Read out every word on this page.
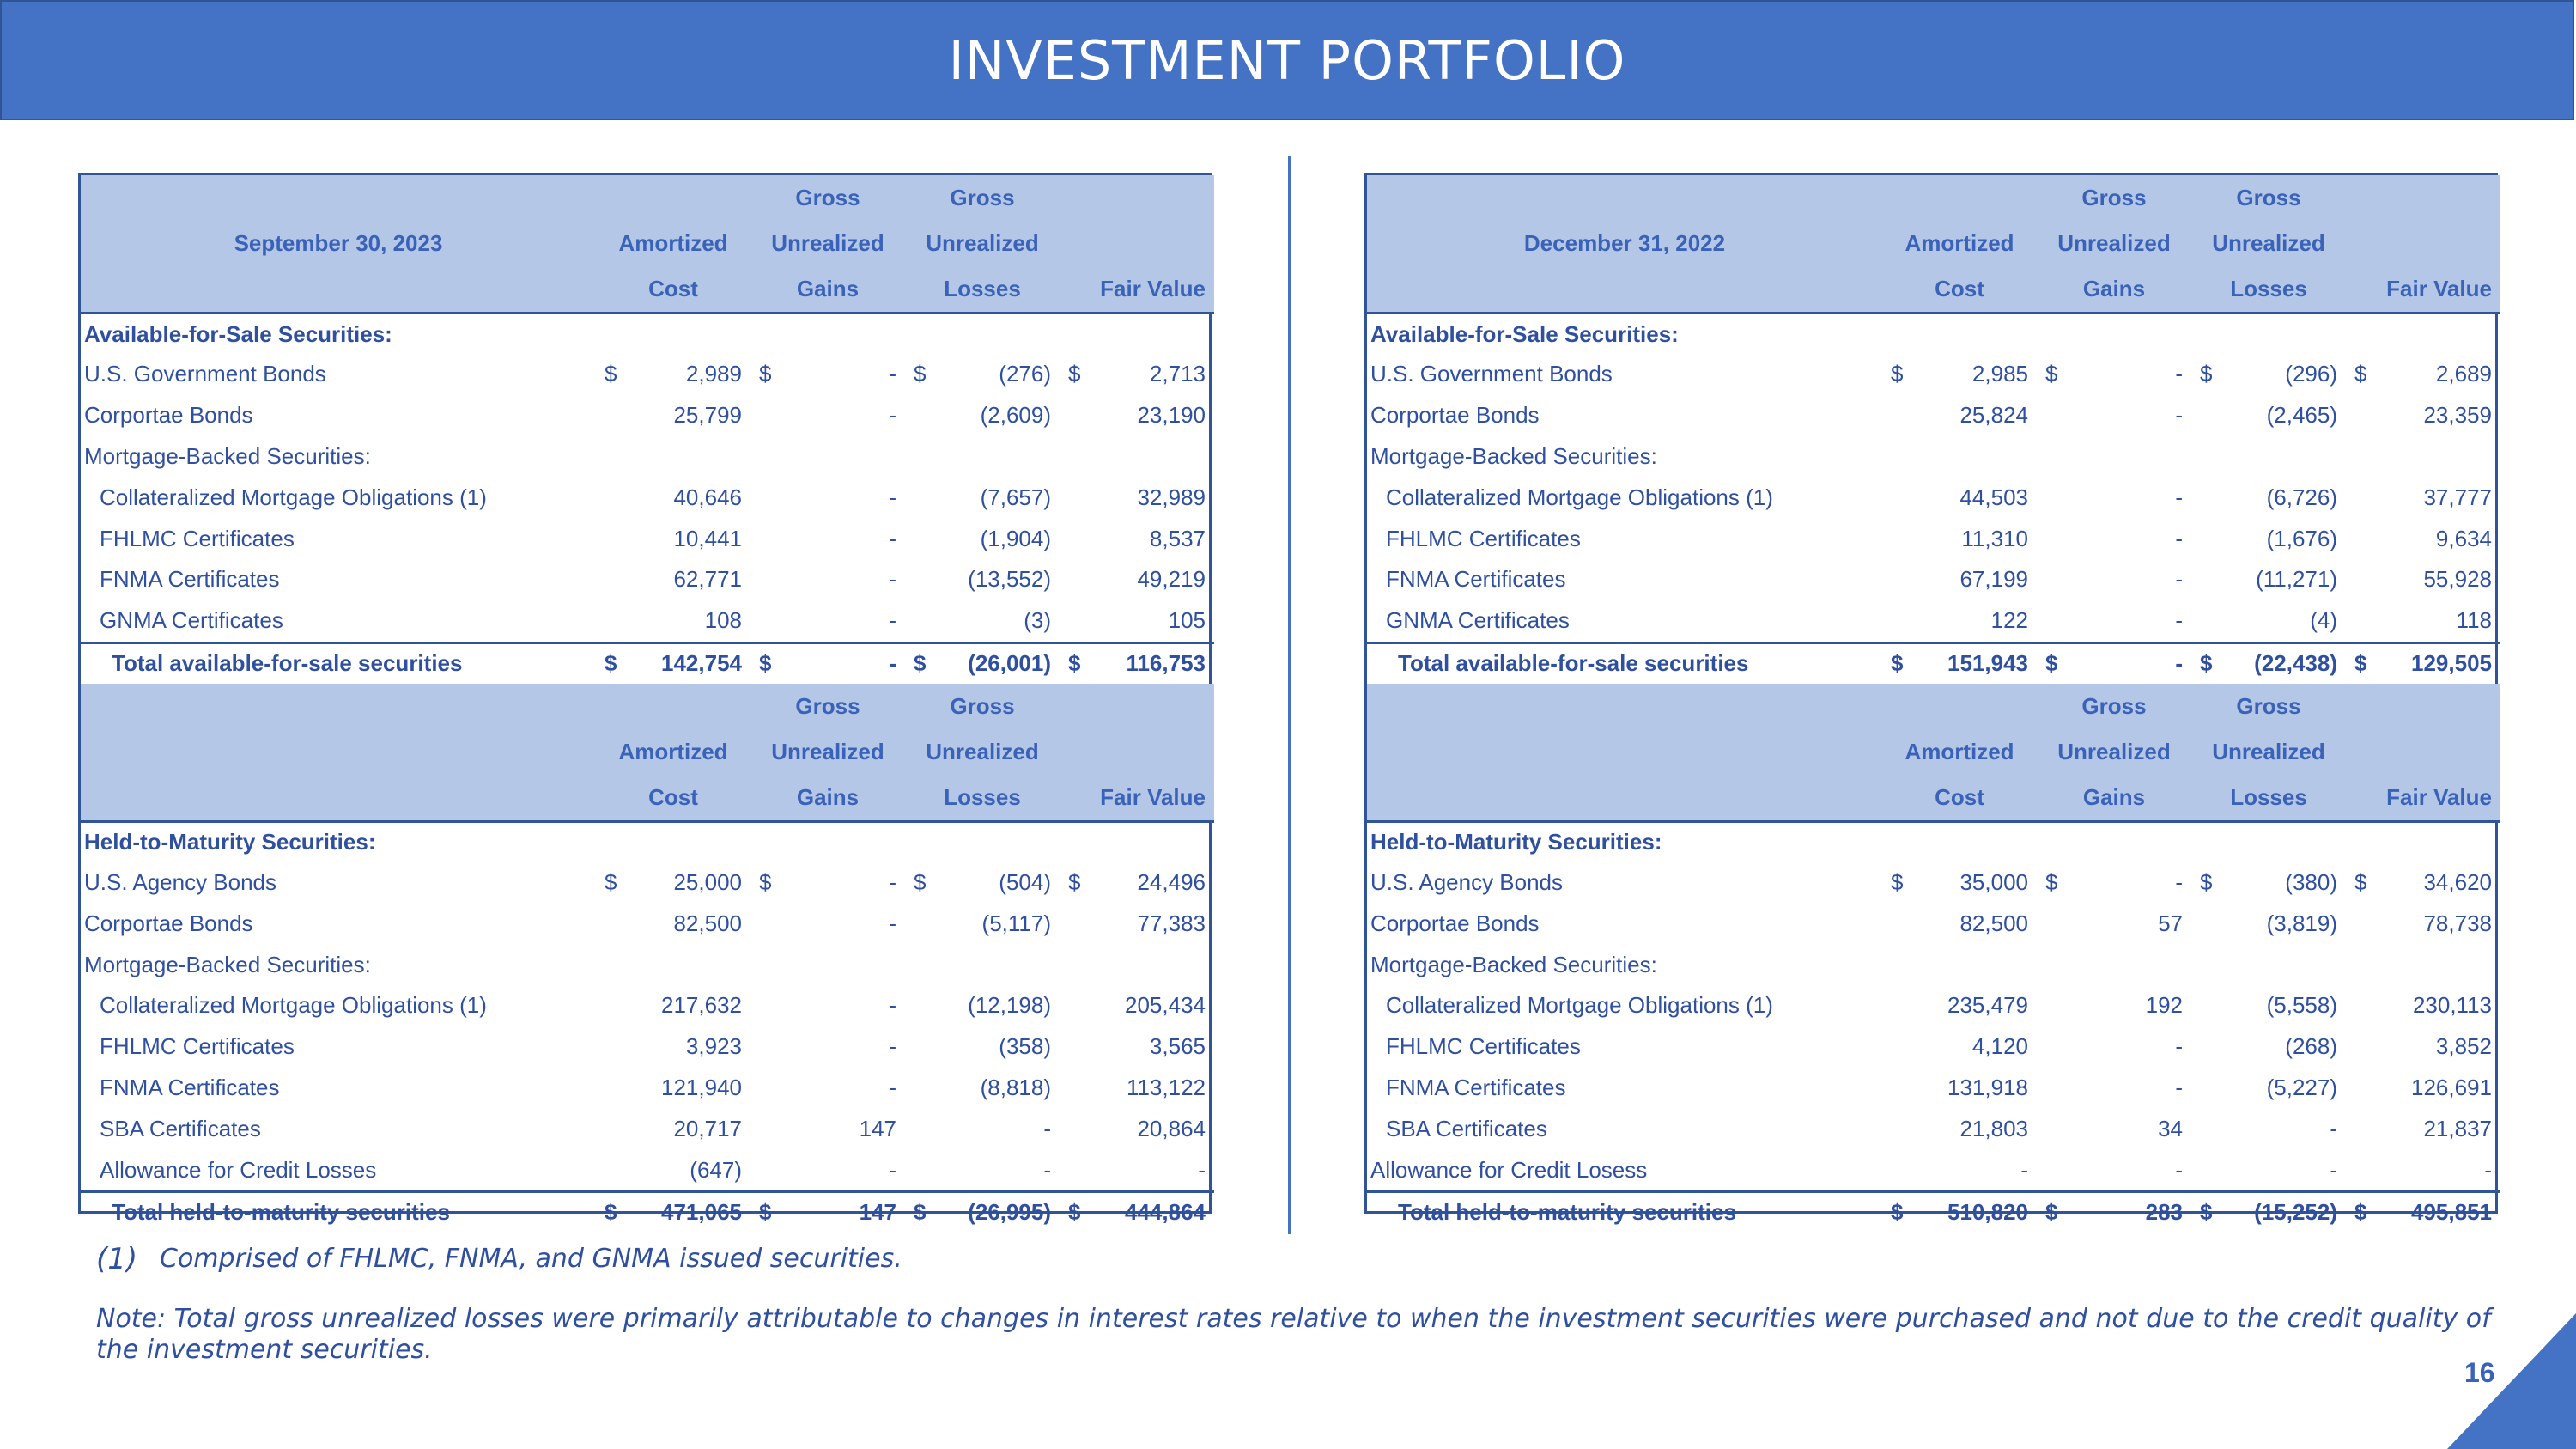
INVESTMENT PORTFOLIO
		Gross	Gross	
September 30, 2023	Amortized	Unrealized	Unrealized	
	Cost	Gains	Losses	Fair Value
Available-for-Sale Securities:				
U.S. Government Bonds	$ 2,989	$ -	$ (276)	$ 2,713

Corportae Bonds	25,799	-	(2,609)	23,190

Mortgage-Backed Securities:	

Collateralized Mortgage Obligations (1)	40,646	-	(7,657)	32,989

FHLMC Certificates	10,441	-	(1,904)	8,537

FNMA Certificates	62,771	-	(13,552)	49,219

GNMA Certificates	108	-	(3)	105

Total available-for-sale securities	$ 142,754	$ -	$ (26,001)	$ 116,753

		Gross	Gross	
	Amortized	Unrealized	Unrealized	
	Cost	Gains	Losses	Fair Value
Held-to-Maturity Securities:				
U.S. Agency Bonds	$ 25,000	$ -	$ (504)	$ 24,496

Corportae Bonds	82,500	-	(5,117)	77,383

Mortgage-Backed Securities:	

Collateralized Mortgage Obligations (1)	217,632	-	(12,198)	205,434

FHLMC Certificates	3,923	-	(358)	3,565

FNMA Certificates	121,940	-	(8,818)	113,122

SBA Certificates	20,717	147	-	20,864

Allowance for Credit Losses	(647)	-	-	-

Total held-to-maturity securities	$ 471,065	$ 147	$ (26,995)	$ 444,864
		Gross	Gross	
December 31, 2022	Amortized	Unrealized	Unrealized	
	Cost	Gains	Losses	Fair Value
Available-for-Sale Securities:				
U.S. Government Bonds	$ 2,985	$ -	$ (296)	$ 2,689

Corportae Bonds	25,824	-	(2,465)	23,359

Mortgage-Backed Securities:	

Collateralized Mortgage Obligations (1)	44,503	-	(6,726)	37,777

FHLMC Certificates	11,310	-	(1,676)	9,634

FNMA Certificates	67,199	-	(11,271)	55,928

GNMA Certificates	122	-	(4)	118

Total available-for-sale securities	$ 151,943	$ -	$ (22,438)	$ 129,505

		Gross	Gross	
	Amortized	Unrealized	Unrealized	
	Cost	Gains	Losses	Fair Value
Held-to-Maturity Securities:				
U.S. Agency Bonds	$ 35,000	$ -	$ (380)	$ 34,620

Corportae Bonds	82,500	57	(3,819)	78,738

Mortgage-Backed Securities:	

Collateralized Mortgage Obligations (1)	235,479	192	(5,558)	230,113

FHLMC Certificates	4,120	-	(268)	3,852

FNMA Certificates	131,918	-	(5,227)	126,691

SBA Certificates	21,803	34	-	21,837

Allowance for Credit Losess	-	-	-	-

Total held-to-maturity securities	$ 510,820	$ 283	$ (15,252)	$ 495,851
(1) Comprised of FHLMC, FNMA, and GNMA issued securities.
Note: Total gross unrealized losses were primarily attributable to changes in interest rates relative to when the investment securities were purchased and not due to the credit quality of the investment securities.
16
